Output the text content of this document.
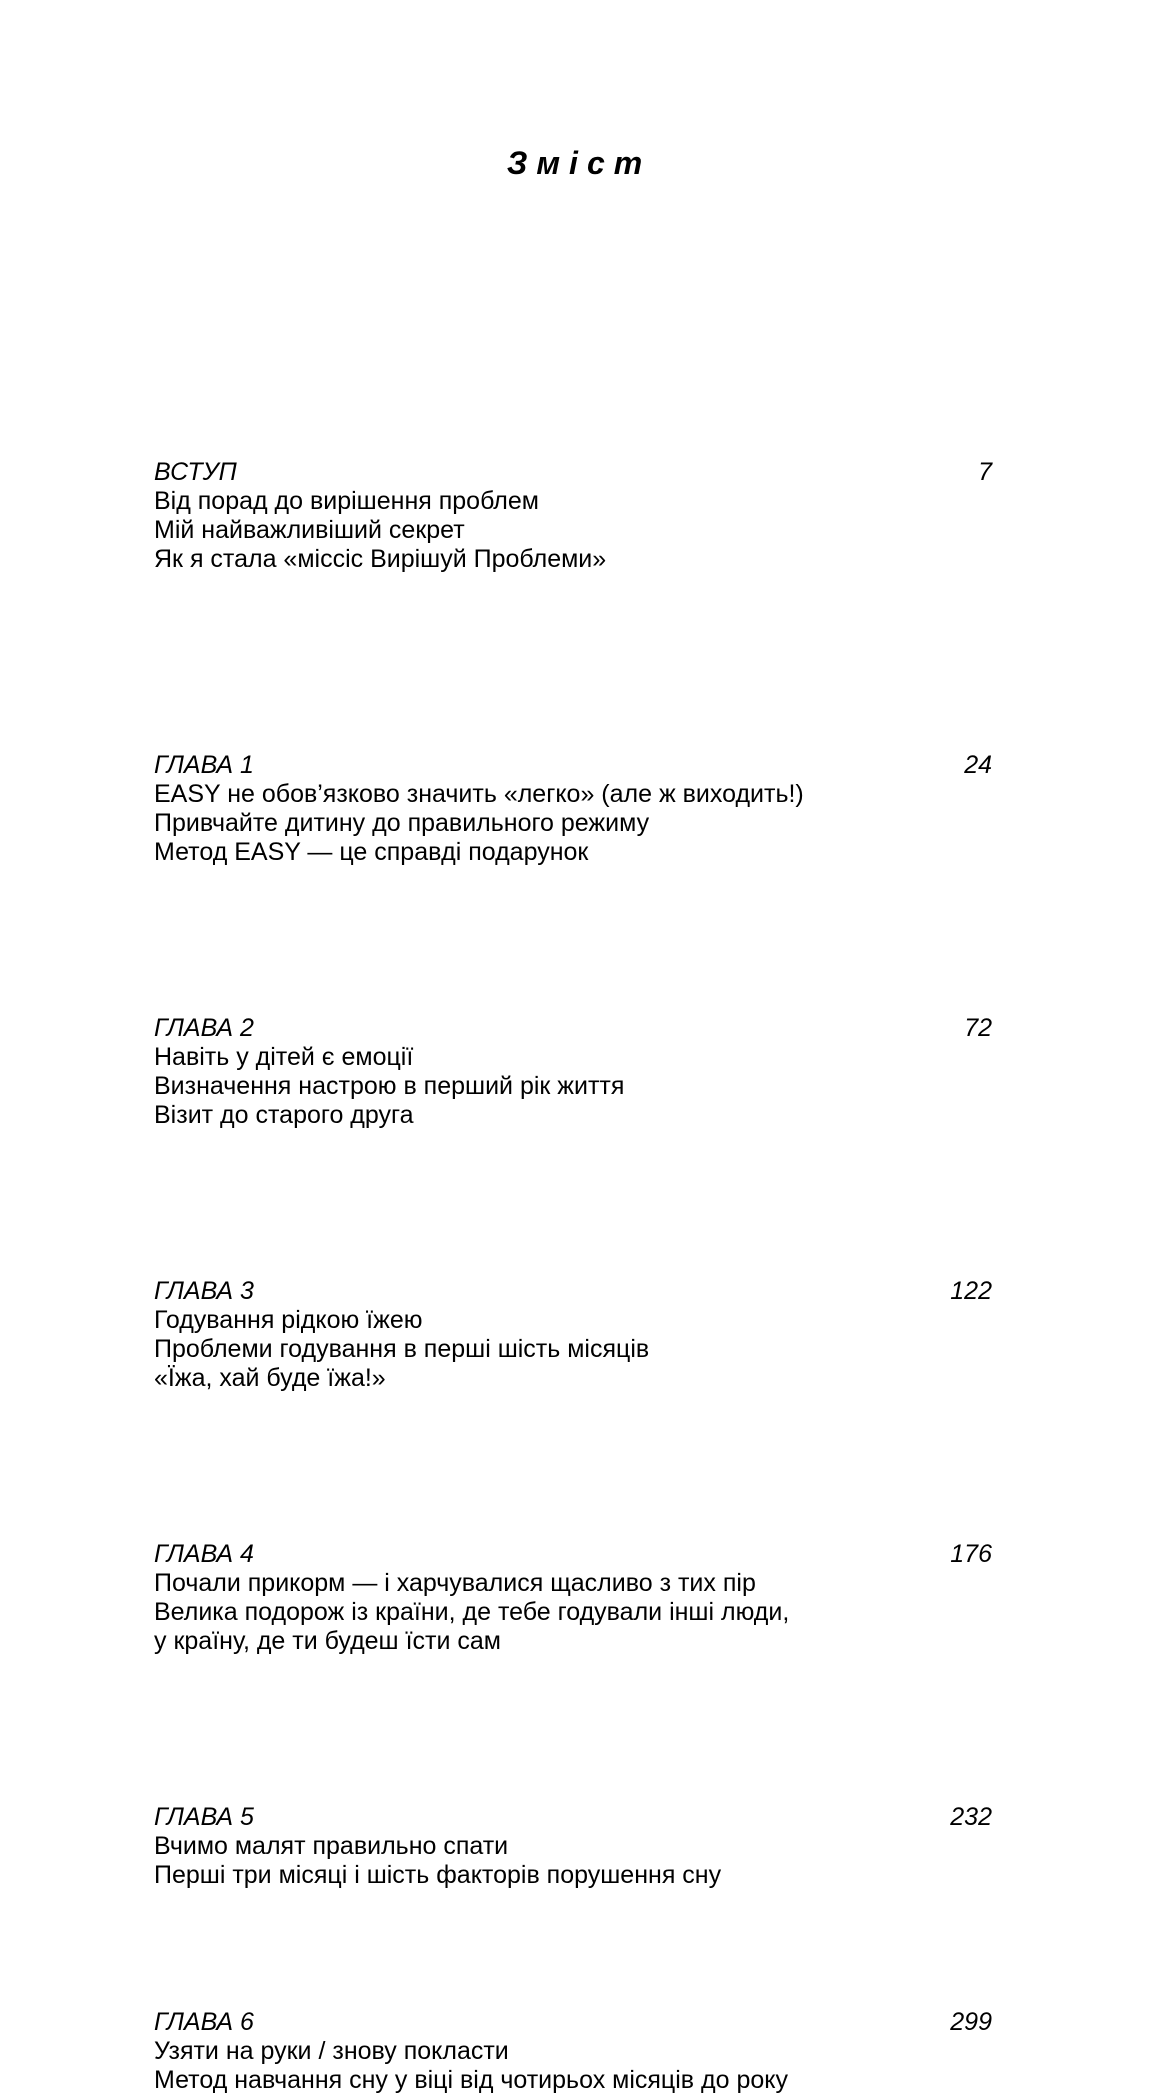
Зміст
ВСТУП	7
Від порад до вирішення проблем
Мій найважливіший секрет
Як я стала «міссіс Вирішуй Проблеми»
ГЛАВА 1	24
EASY не обов’язково значить «легко» (але ж виходить!)
Привчайте дитину до правильного режиму
Метод EASY — це справді подарунок
ГЛАВА 2	72
Навіть у дітей є емоції
Визначення настрою в перший рік життя
Візит до старого друга
ГЛАВА 3	122
Годування рідкою їжею
Проблеми годування в перші шість місяців
«Їжа, хай буде їжа!»
ГЛАВА 4	176
Почали прикорм — і харчувалися щасливо з тих пір
Велика подорож із країни, де тебе годували інші люди,
у країну, де ти будеш їсти сам
ГЛАВА 5	232
Вчимо малят правильно спати
Перші три місяці і шість факторів порушення сну
ГЛАВА 6	299
Узяти на руки / знову покласти
Метод навчання сну у віці від чотирьох місяців до року
